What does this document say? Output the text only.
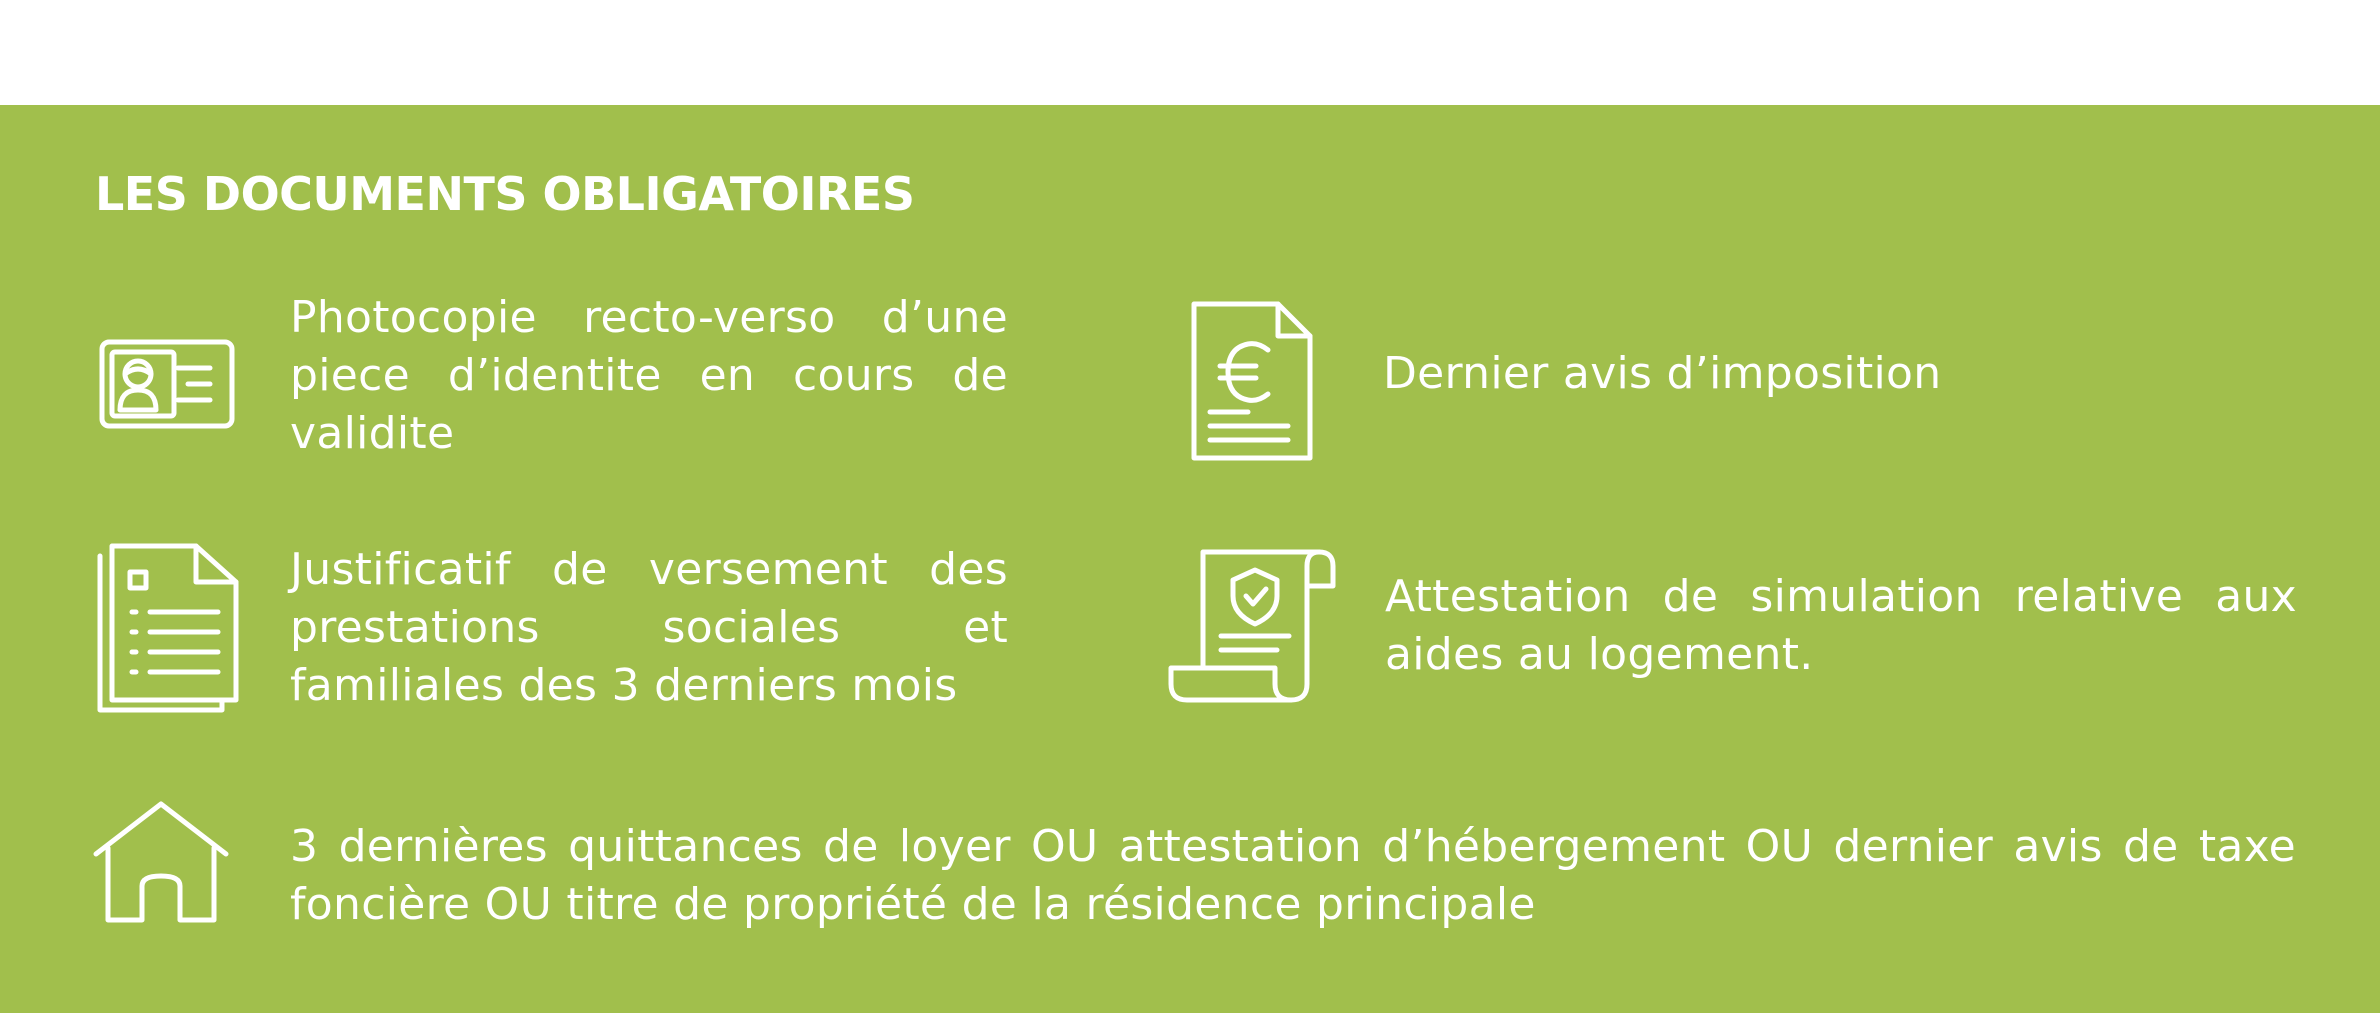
LES DOCUMENTS OBLIGATOIRES
Photocopie recto-verso d’une piece d’identite en cours de validite
Dernier avis d’imposition
Justificatif de versement des prestations sociales et familiales des 3 derniers mois
Attestation de simulation relative aux aides au logement.
3 dernières quittances de loyer OU attestation d’hébergement OU dernier avis de taxe foncière OU titre de propriété de la résidence principale
